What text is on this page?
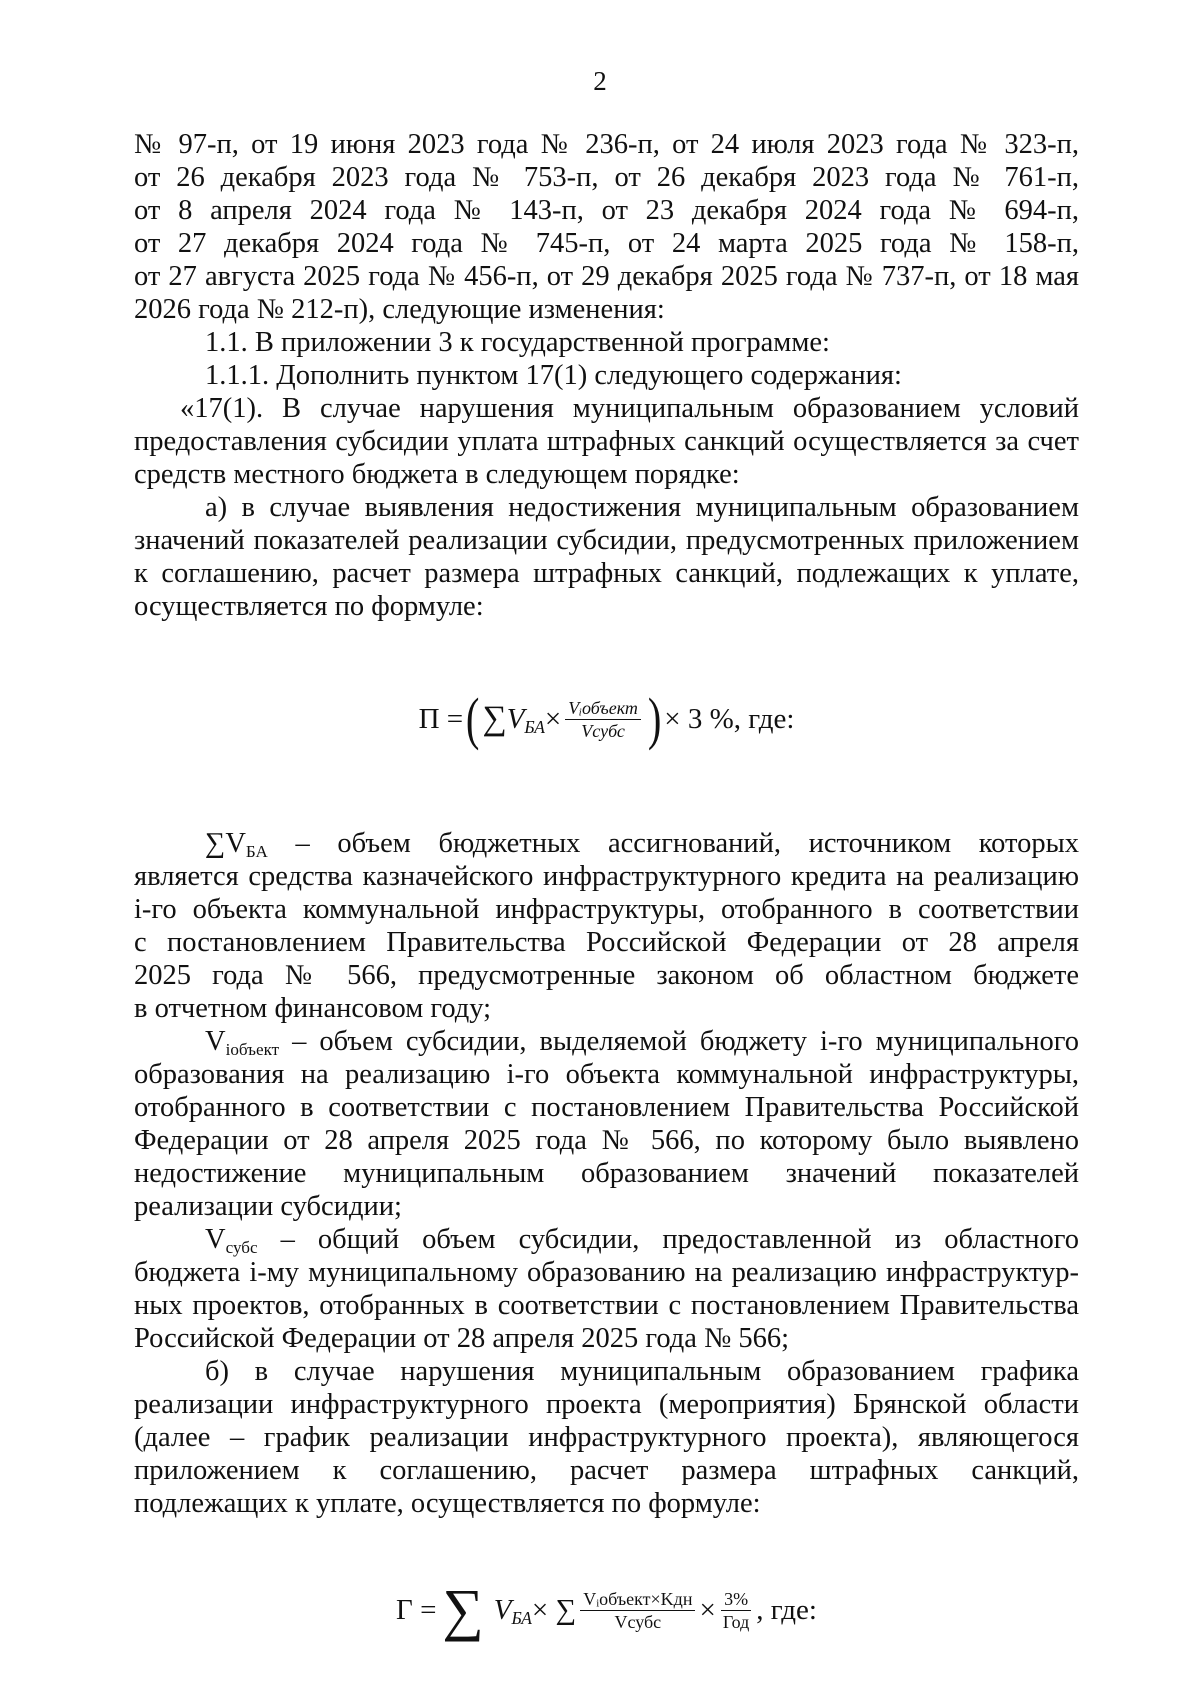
2
№ 97-п, от 19 июня 2023 года № 236-п, от 24 июля 2023 года № 323-п,
от 26 декабря 2023 года № 753-п, от 26 декабря 2023 года № 761-п,
от 8 апреля 2024 года № 143-п, от 23 декабря 2024 года № 694-п,
от 27 декабря 2024 года № 745-п, от 24 марта 2025 года № 158-п,
от 27 августа 2025 года № 456-п, от 29 декабря 2025 года № 737-п, от 18 мая
2026 года № 212-п), следующие изменения:
1.1. В приложении 3 к государственной программе:
1.1.1. Дополнить пунктом 17(1) следующего содержания:
«17(1). В случае нарушения муниципальным образованием условий
предоставления субсидии уплата штрафных санкций осуществляется за счет
средств местного бюджета в следующем порядке:
а) в случае выявления недостижения муниципальным образованием
значений показателей реализации субсидии, предусмотренных приложением
к соглашению, расчет размера штрафных санкций, подлежащих к уплате,
осуществляется по формуле:
П = ( ∑ $V_{БА} \times \frac{\text{Vᵢобъект}}{\text{Vсубс}}$ ) × 3 %, где:
$\sum V_{БА}$ – объем бюджетных ассигнований, источником которых
является средства казначейского инфраструктурного кредита на реализацию
i-го объекта коммунальной инфраструктуры, отобранного в соответствии
с постановлением Правительства Российской Федерации от 28 апреля
2025 года № 566, предусмотренные законом об областном бюджете
в отчетном финансовом году;
$V_{iобъект}$ – объем субсидии, выделяемой бюджету i-го муниципального
образования на реализацию i-го объекта коммунальной инфраструктуры,
отобранного в соответствии с постановлением Правительства Российской
Федерации от 28 апреля 2025 года № 566, по которому было выявлено
недостижение муниципальным образованием значений показателей
реализации субсидии;
$V_{субс}$ – общий объем субсидии, предоставленной из областного
бюджета i-му муниципальному образованию на реализацию инфраструктур-
ных проектов, отобранных в соответствии с постановлением Правительства
Российской Федерации от 28 апреля 2025 года № 566;
б) в случае нарушения муниципальным образованием графика
реализации инфраструктурного проекта (мероприятия) Брянской области
(далее – график реализации инфраструктурного проекта), являющегося
приложением к соглашению, расчет размера штрафных санкций,
подлежащих к уплате, осуществляется по формуле:
Г = ∑ $V_{БА}$ × ∑ $\frac{\text{Vᵢобъект×Kдн}}{\text{Vсубс}} \times \frac{3\%}{\text{Год}}$ , где:
